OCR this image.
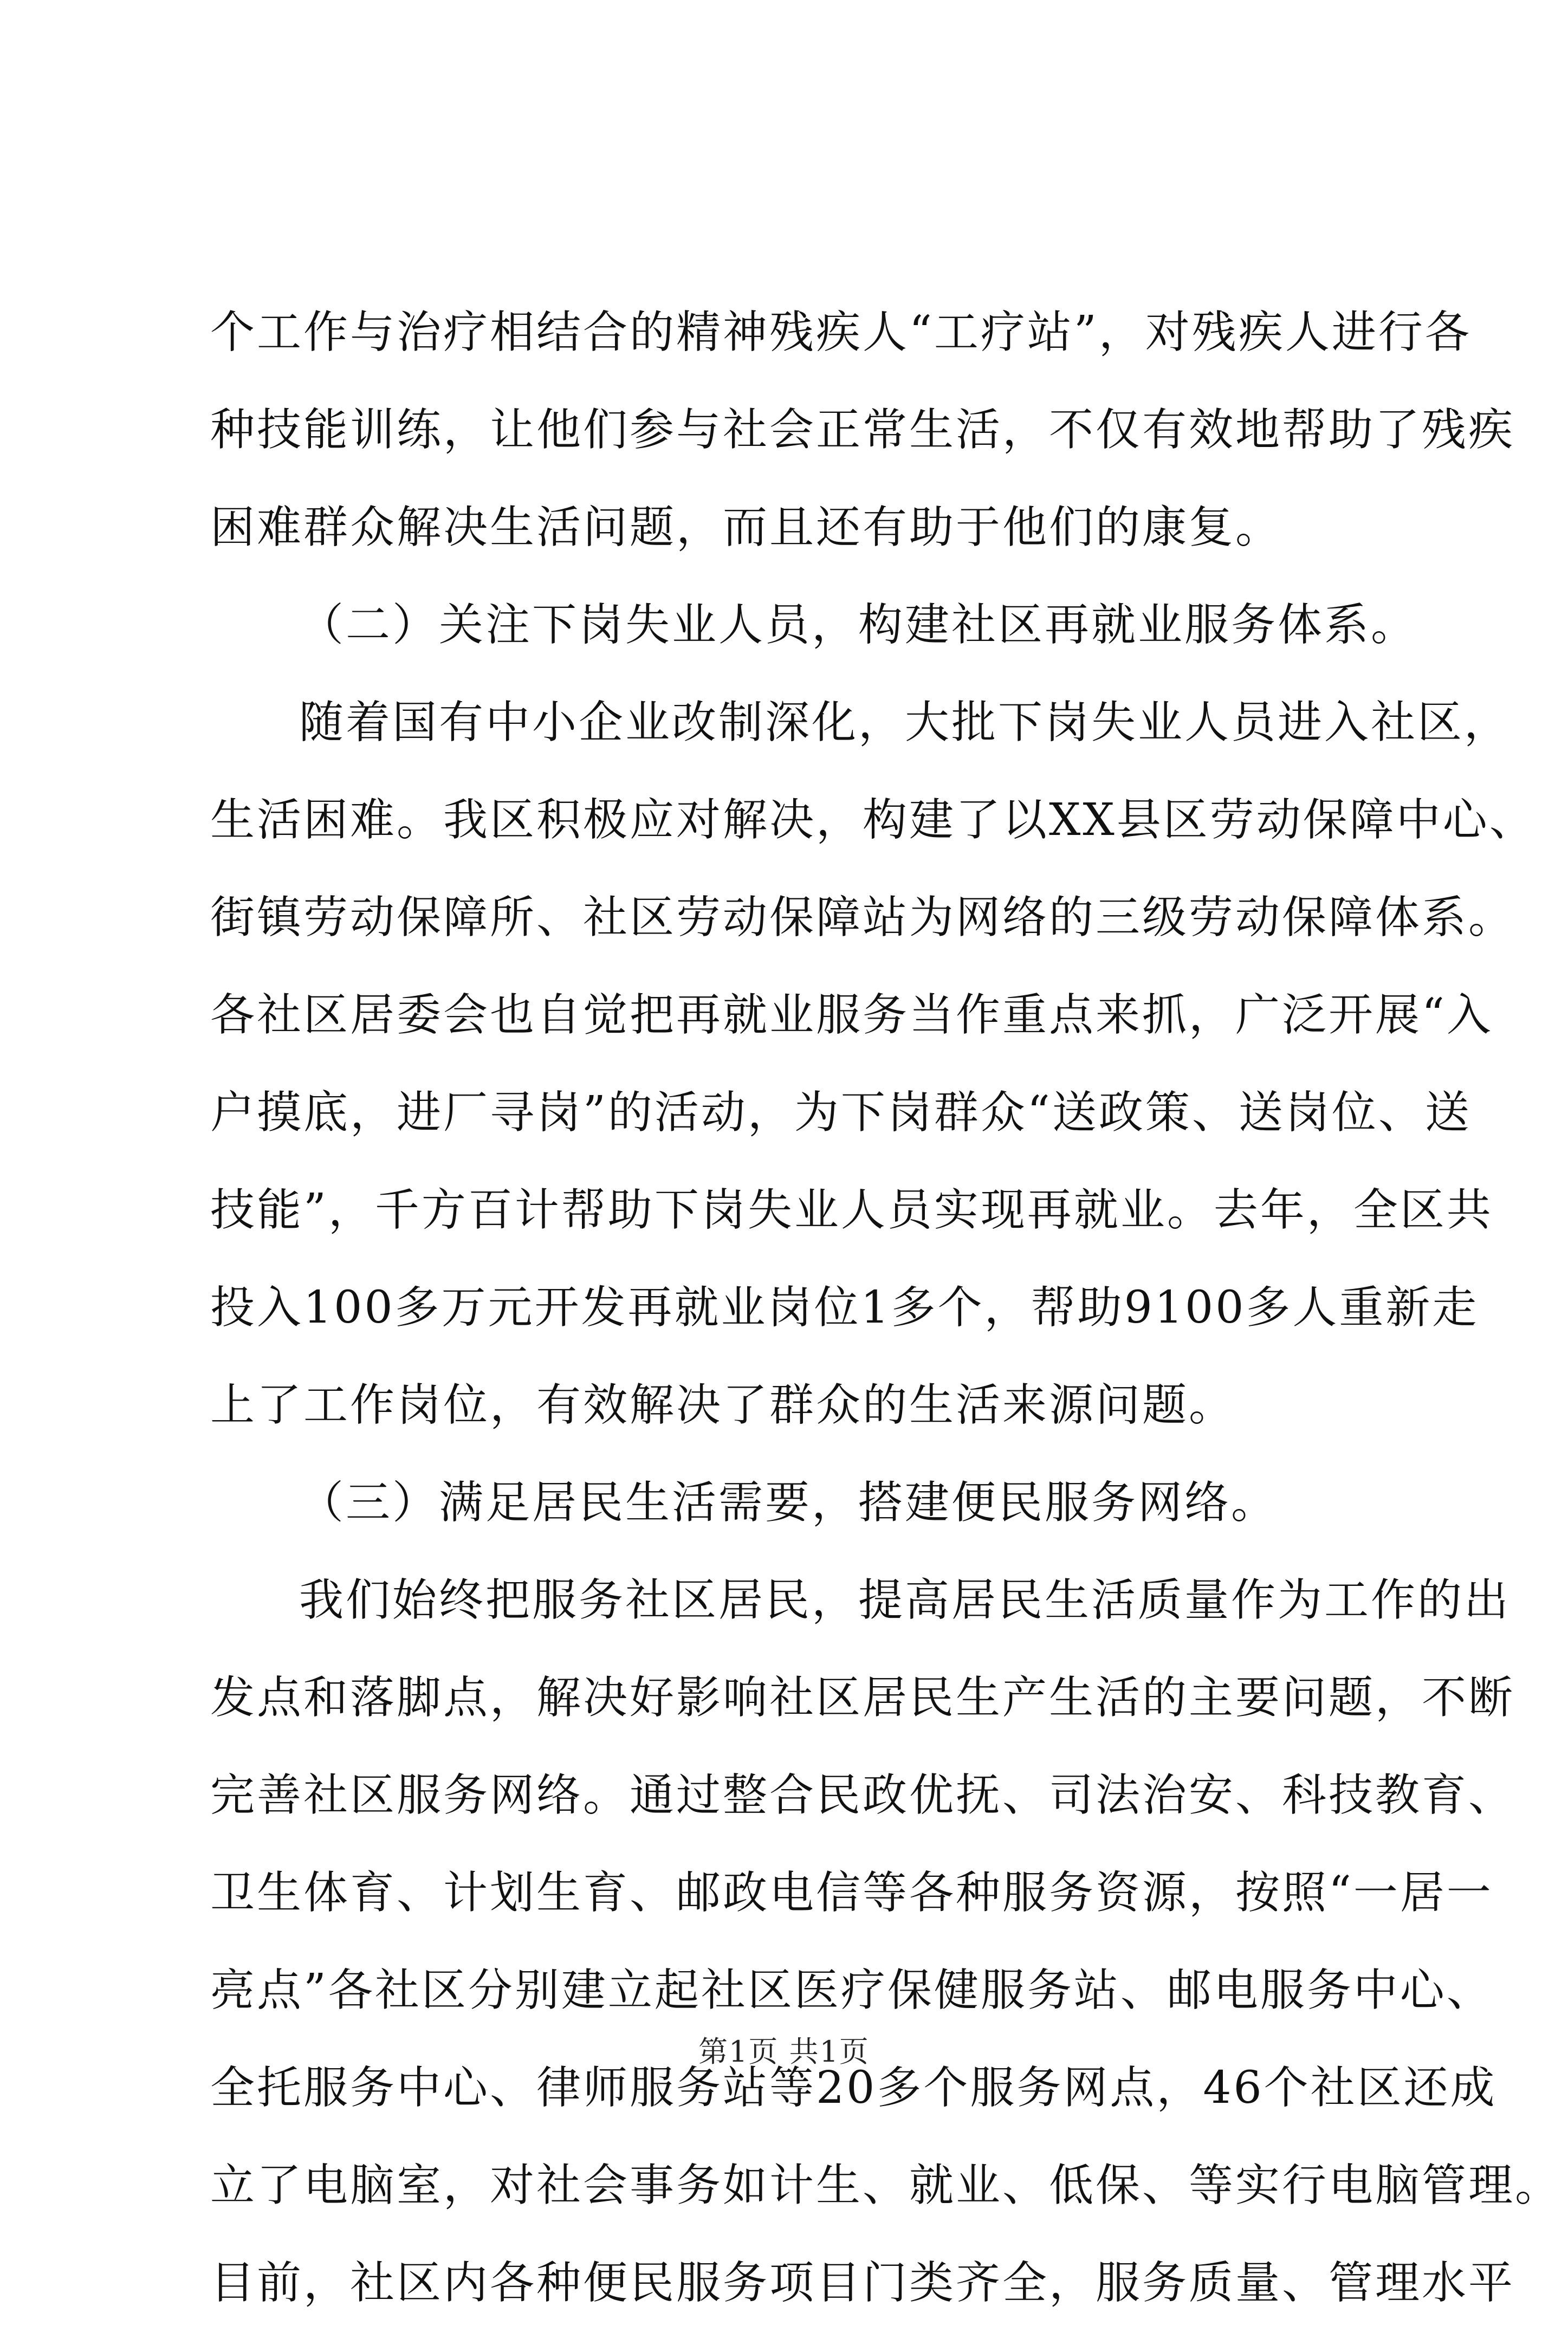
个工作与治疗相结合的精神残疾人“工疗站”，对残疾人进行各
种技能训练，让他们参与社会正常生活，不仅有效地帮助了残疾
困难群众解决生活问题，而且还有助于他们的康复。
（二）关注下岗失业人员，构建社区再就业服务体系。
随着国有中小企业改制深化，大批下岗失业人员进入社区，
生活困难。我区积极应对解决，构建了以XX县区劳动保障中心、
街镇劳动保障所、社区劳动保障站为网络的三级劳动保障体系。
各社区居委会也自觉把再就业服务当作重点来抓，广泛开展“入
户摸底，进厂寻岗”的活动，为下岗群众“送政策、送岗位、送
技能”，千方百计帮助下岗失业人员实现再就业。去年，全区共
投入100多万元开发再就业岗位1多个，帮助9100多人重新走
上了工作岗位，有效解决了群众的生活来源问题。
（三）满足居民生活需要，搭建便民服务网络。
我们始终把服务社区居民，提高居民生活质量作为工作的出
发点和落脚点，解决好影响社区居民生产生活的主要问题，不断
完善社区服务网络。通过整合民政优抚、司法治安、科技教育、
卫生体育、计划生育、邮政电信等各种服务资源，按照“一居一
亮点”各社区分别建立起社区医疗保健服务站、邮电服务中心、
全托服务中心、律师服务站等20多个服务网点，46个社区还成
立了电脑室，对社会事务如计生、就业、低保、等实行电脑管理。
目前，社区内各种便民服务项目门类齐全，服务质量、管理水平
第1页 共1页
